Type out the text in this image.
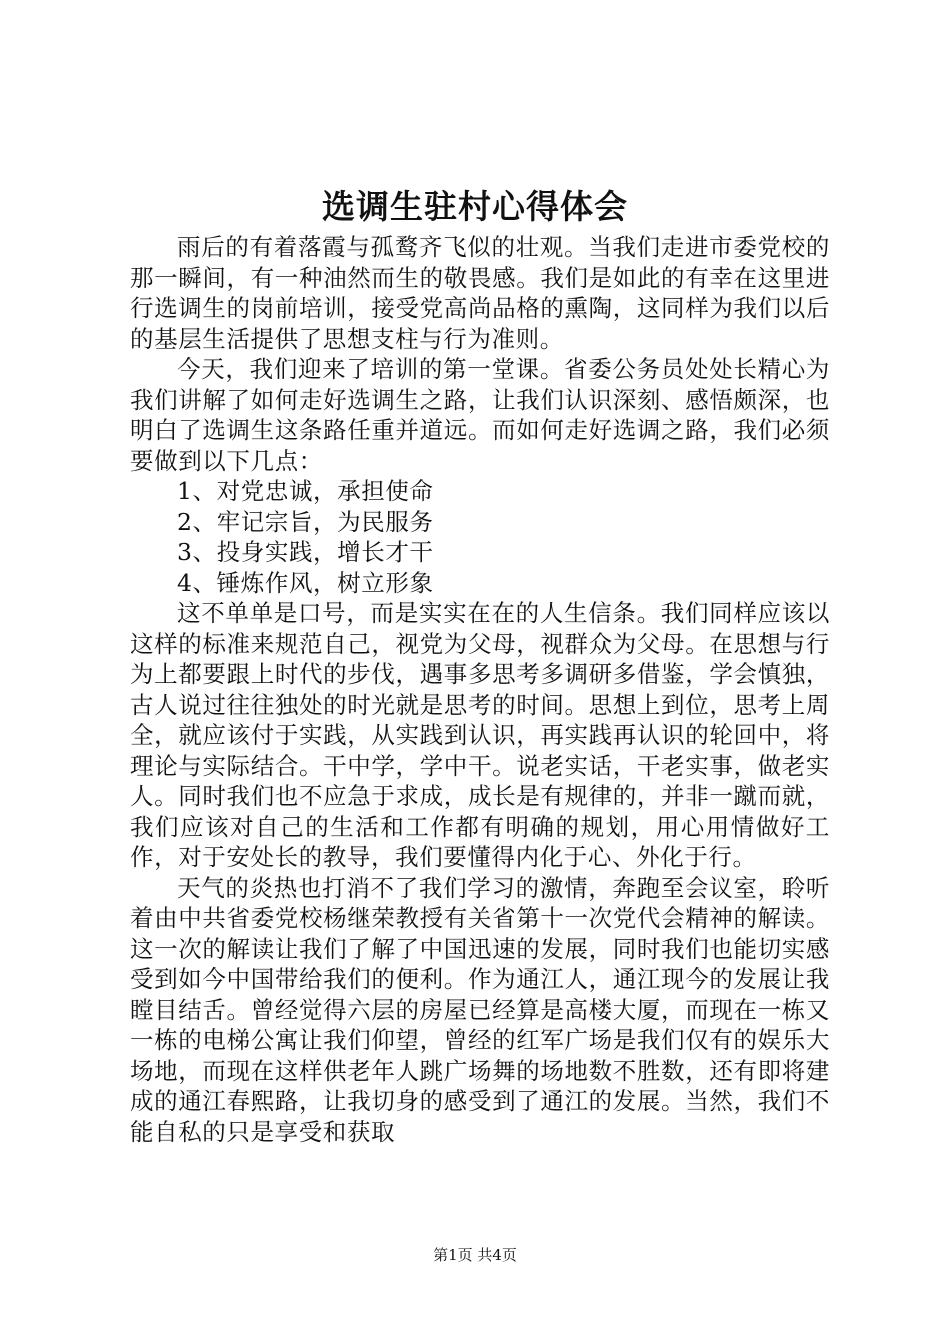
选调生驻村心得体会

雨后的有着落霞与孤鹜齐飞似的壮观。当我们走进市委党校的那一瞬间，有一种油然而生的敬畏感。我们是如此的有幸在这里进行选调生的岗前培训，接受党高尚品格的熏陶，这同样为我们以后的基层生活提供了思想支柱与行为准则。

今天，我们迎来了培训的第一堂课。省委公务员处处长精心为我们讲解了如何走好选调生之路，让我们认识深刻、感悟颇深，也明白了选调生这条路任重并道远。而如何走好选调之路，我们必须要做到以下几点：

1、对党忠诚，承担使命

2、牢记宗旨，为民服务

3、投身实践，增长才干

4、锤炼作风，树立形象

这不单单是口号，而是实实在在的人生信条。我们同样应该以这样的标准来规范自己，视党为父母，视群众为父母。在思想与行为上都要跟上时代的步伐，遇事多思考多调研多借鉴，学会慎独，古人说过往往独处的时光就是思考的时间。思想上到位，思考上周全，就应该付于实践，从实践到认识，再实践再认识的轮回中，将理论与实际结合。干中学，学中干。说老实话，干老实事，做老实人。同时我们也不应急于求成，成长是有规律的，并非一蹴而就，我们应该对自己的生活和工作都有明确的规划，用心用情做好工作，对于安处长的教导，我们要懂得内化于心、外化于行。

天气的炎热也打消不了我们学习的激情，奔跑至会议室，聆听着由中共省委党校杨继荣教授有关省第十一次党代会精神的解读。这一次的解读让我们了解了中国迅速的发展，同时我们也能切实感受到如今中国带给我们的便利。作为通江人，通江现今的发展让我瞠目结舌。曾经觉得六层的房屋已经算是高楼大厦，而现在一栋又一栋的电梯公寓让我们仰望，曾经的红军广场是我们仅有的娱乐大场地，而现在这样供老年人跳广场舞的场地数不胜数，还有即将建成的通江春熙路，让我切身的感受到了通江的发展。当然，我们不能自私的只是享受和获取

第1页 共4页
